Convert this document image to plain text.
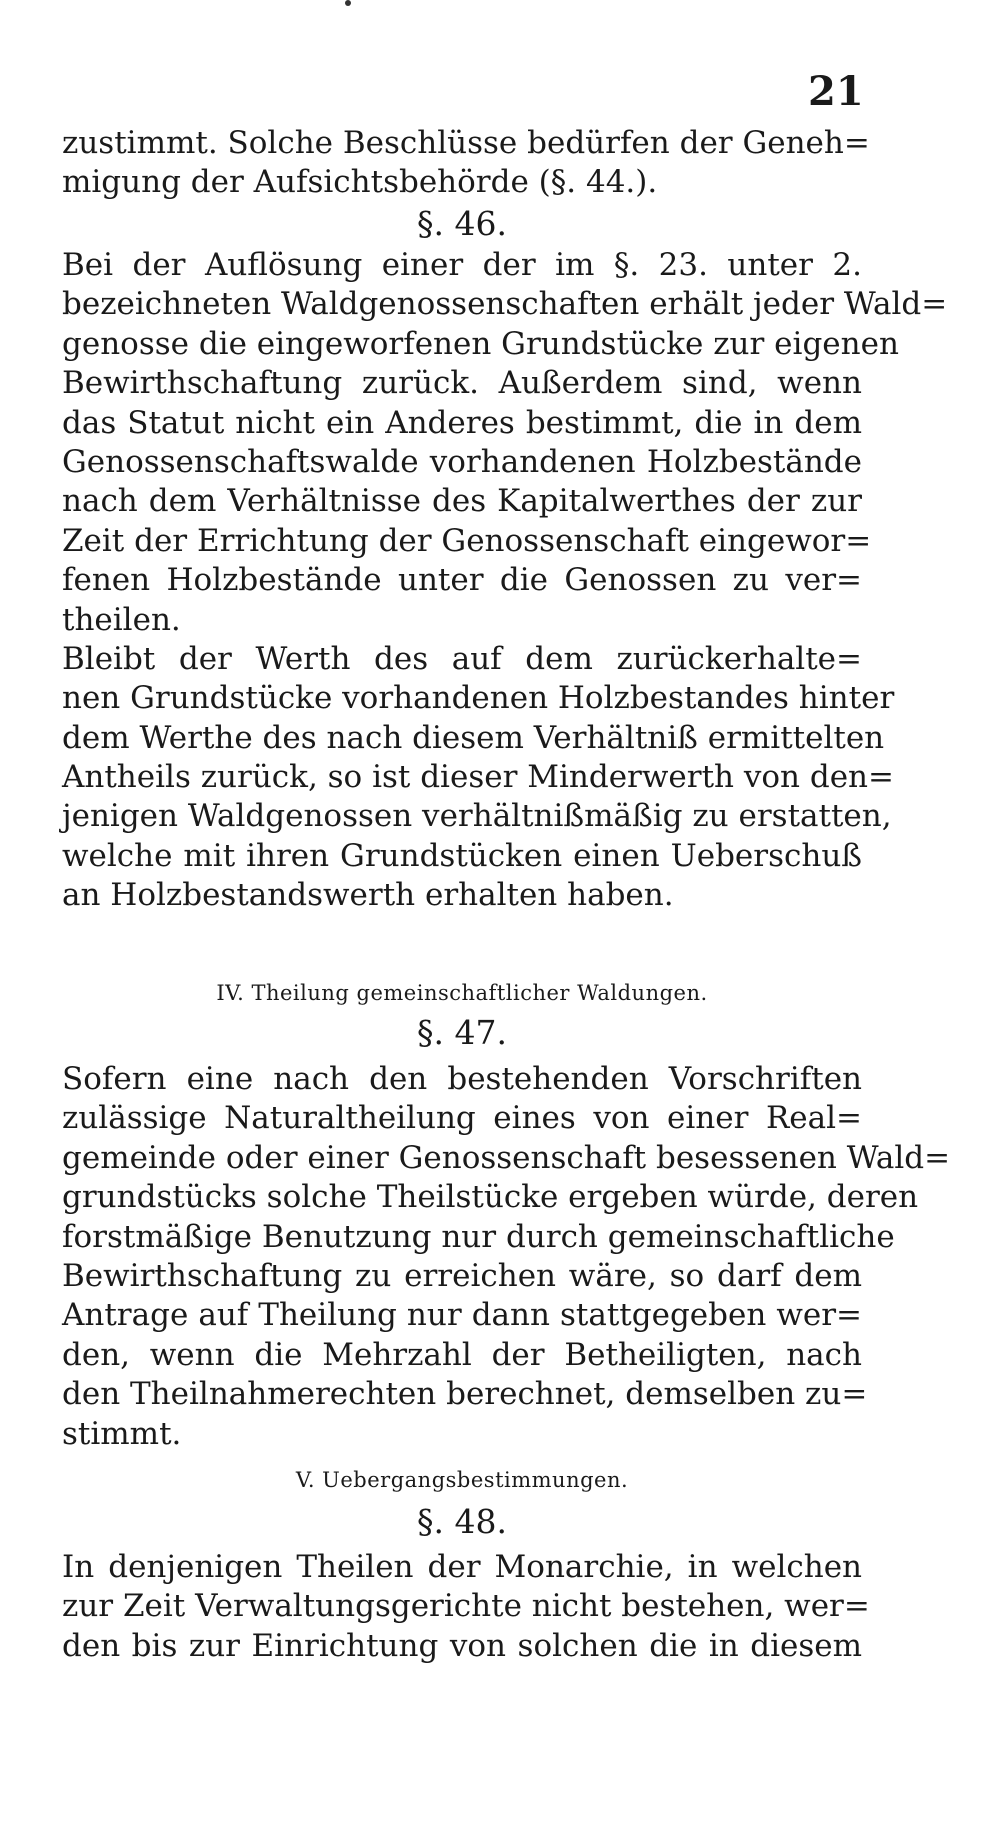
21
zustimmt. Solche Beschlüsse bedürfen der Geneh=
migung der Aufsichtsbehörde (§. 44.).
§. 46.
Bei der Auflösung einer der im §. 23. unter 2.
bezeichneten Waldgenossenschaften erhält jeder Wald=
genosse die eingeworfenen Grundstücke zur eigenen
Bewirthschaftung zurück. Außerdem sind, wenn
das Statut nicht ein Anderes bestimmt, die in dem
Genossenschaftswalde vorhandenen Holzbestände
nach dem Verhältnisse des Kapitalwerthes der zur
Zeit der Errichtung der Genossenschaft eingewor=
fenen Holzbestände unter die Genossen zu ver=
theilen.
Bleibt der Werth des auf dem zurückerhalte=
nen Grundstücke vorhandenen Holzbestandes hinter
dem Werthe des nach diesem Verhältniß ermittelten
Antheils zurück, so ist dieser Minderwerth von den=
jenigen Waldgenossen verhältnißmäßig zu erstatten,
welche mit ihren Grundstücken einen Ueberschuß
an Holzbestandswerth erhalten haben.
IV. Theilung gemeinschaftlicher Waldungen.
§. 47.
Sofern eine nach den bestehenden Vorschriften
zulässige Naturaltheilung eines von einer Real=
gemeinde oder einer Genossenschaft besessenen Wald=
grundstücks solche Theilstücke ergeben würde, deren
forstmäßige Benutzung nur durch gemeinschaftliche
Bewirthschaftung zu erreichen wäre, so darf dem
Antrage auf Theilung nur dann stattgegeben wer=
den, wenn die Mehrzahl der Betheiligten, nach
den Theilnahmerechten berechnet, demselben zu=
stimmt.
V. Uebergangsbestimmungen.
§. 48.
In denjenigen Theilen der Monarchie, in welchen
zur Zeit Verwaltungsgerichte nicht bestehen, wer=
den bis zur Einrichtung von solchen die in diesem
